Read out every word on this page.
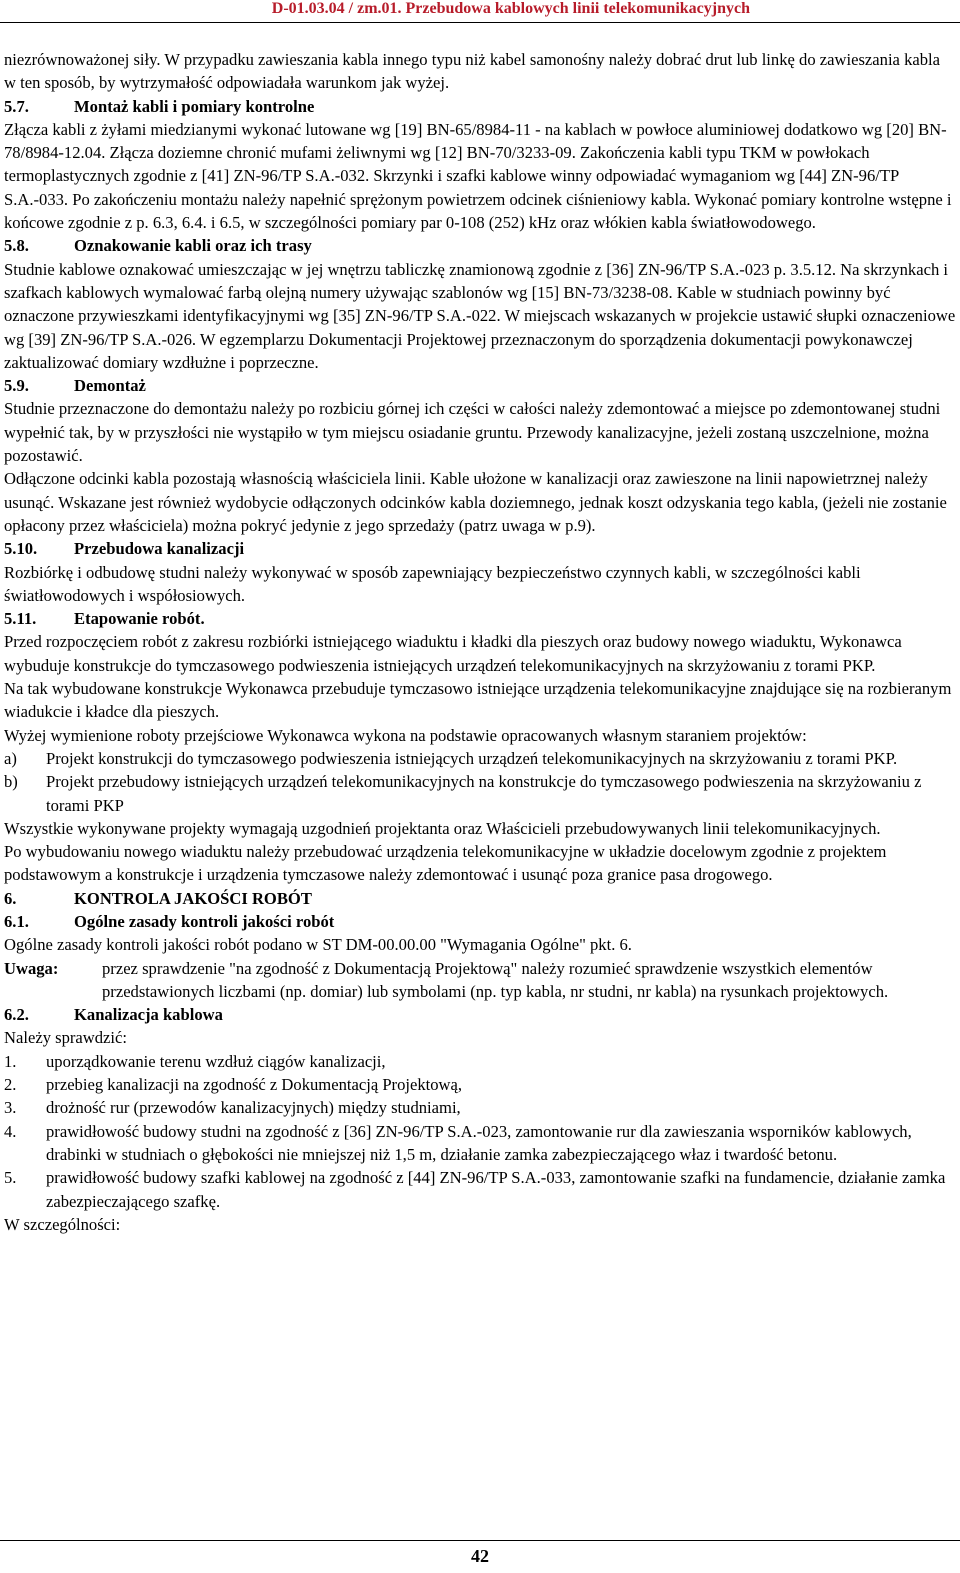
D-01.03.04 / zm.01. Przebudowa kablowych linii telekomunikacyjnych

niezrównoważonej siły. W przypadku zawieszania kabla innego typu niż kabel samonośny należy dobrać drut lub linkę do zawieszania kabla w ten sposób, by wytrzymałość odpowiadała warunkom jak wyżej.

5.7.	Montaż kabli i pomiary kontrolne

Złącza kabli z żyłami miedzianymi wykonać lutowane wg [19] BN-65/8984-11 - na kablach w powłoce aluminiowej dodatkowo wg [20] BN-78/8984-12.04. Złącza doziemne chronić mufami żeliwnymi wg [12] BN-70/3233-09. Zakończenia kabli typu TKM w powłokach termoplastycznych zgodnie z [41] ZN-96/TP S.A.-032. Skrzynki i szafki kablowe winny odpowiadać wymaganiom wg [44] ZN-96/TP S.A.-033. Po zakończeniu montażu należy napełnić sprężonym powietrzem odcinek ciśnieniowy kabla. Wykonać pomiary kontrolne wstępne i końcowe zgodnie z p. 6.3, 6.4. i 6.5, w szczególności pomiary par 0-108 (252) kHz oraz włókien kabla światłowodowego.

5.8.	Oznakowanie kabli oraz ich trasy

Studnie kablowe oznakować umieszczając w jej wnętrzu tabliczkę znamionową zgodnie z [36] ZN-96/TP S.A.-023 p. 3.5.12. Na skrzynkach i szafkach kablowych wymalować farbą olejną numery używając szablonów wg [15] BN-73/3238-08. Kable w studniach powinny być oznaczone przywieszkami identyfikacyjnymi wg [35] ZN-96/TP S.A.-022. W miejscach wskazanych w projekcie ustawić słupki oznaczeniowe wg [39] ZN-96/TP S.A.-026. W egzemplarzu Dokumentacji Projektowej przeznaczonym do sporządzenia dokumentacji powykonawczej zaktualizować domiary wzdłużne i poprzeczne.

5.9.	Demontaż

Studnie przeznaczone do demontażu należy po rozbiciu górnej ich części w całości należy zdemontować a miejsce po zdemontowanej studni wypełnić tak, by w przyszłości nie wystąpiło w tym miejscu osiadanie gruntu. Przewody kanalizacyjne, jeżeli zostaną uszczelnione, można pozostawić.

Odłączone odcinki kabla pozostają własnością właściciela linii. Kable ułożone w kanalizacji oraz zawieszone na linii napowietrznej należy usunąć. Wskazane jest również wydobycie odłączonych odcinków kabla doziemnego, jednak koszt odzyskania tego kabla, (jeżeli nie zostanie opłacony przez właściciela) można pokryć jedynie z jego sprzedaży (patrz uwaga w p.9).

5.10. Przebudowa kanalizacji

Rozbiórkę i odbudowę studni należy wykonywać w sposób zapewniający bezpieczeństwo czynnych kabli, w szczególności kabli światłowodowych i współosiowych.

5.11. Etapowanie robót.

Przed rozpoczęciem robót z zakresu rozbiórki istniejącego wiaduktu i kładki dla pieszych oraz budowy nowego wiaduktu, Wykonawca wybuduje konstrukcje do tymczasowego podwieszenia istniejących urządzeń telekomunikacyjnych na skrzyżowaniu z torami PKP.

Na tak wybudowane konstrukcje Wykonawca przebuduje tymczasowo istniejące urządzenia telekomunikacyjne znajdujące się na rozbieranym wiadukcie i kładce dla pieszych.

Wyżej wymienione roboty przejściowe Wykonawca wykona na podstawie opracowanych własnym staraniem projektów:

a) Projekt konstrukcji do tymczasowego podwieszenia istniejących urządzeń telekomunikacyjnych na skrzyżowaniu z torami PKP.

b) Projekt przebudowy istniejących urządzeń telekomunikacyjnych na konstrukcje do tymczasowego podwieszenia na skrzyżowaniu z torami PKP

Wszystkie wykonywane projekty wymagają uzgodnień projektanta oraz Właścicieli przebudowywanych linii telekomunikacyjnych.

Po wybudowaniu nowego wiaduktu należy przebudować urządzenia telekomunikacyjne w układzie docelowym zgodnie z projektem podstawowym a konstrukcje i urządzenia tymczasowe należy zdemontować i usunąć poza granice pasa drogowego.

6.	KONTROLA JAKOŚCI ROBÓT

6.1.	Ogólne zasady kontroli jakości robót

Ogólne zasady kontroli jakości robót podano w ST DM-00.00.00 "Wymagania Ogólne" pkt. 6.

Uwaga:	przez sprawdzenie "na zgodność z Dokumentacją Projektową" należy rozumieć sprawdzenie wszystkich elementów przedstawionych liczbami (np. domiar) lub symbolami (np. typ kabla, nr studni, nr kabla) na rysunkach projektowych.

6.2.	Kanalizacja kablowa

Należy sprawdzić:

1. uporządkowanie terenu wzdłuż ciągów kanalizacji,

2. przebieg kanalizacji na zgodność z Dokumentacją Projektową,

3. drożność rur (przewodów kanalizacyjnych) między studniami,

4. prawidłowość budowy studni na zgodność z [36] ZN-96/TP S.A.-023, zamontowanie rur dla zawieszania wsporników kablowych, drabinki w studniach o głębokości nie mniejszej niż 1,5 m, działanie zamka zabezpieczającego właz i twardość betonu.

5. prawidłowość budowy szafki kablowej na zgodność z [44] ZN-96/TP S.A.-033, zamontowanie szafki na fundamencie, działanie zamka zabezpieczającego szafkę.

W szczególności:

42
